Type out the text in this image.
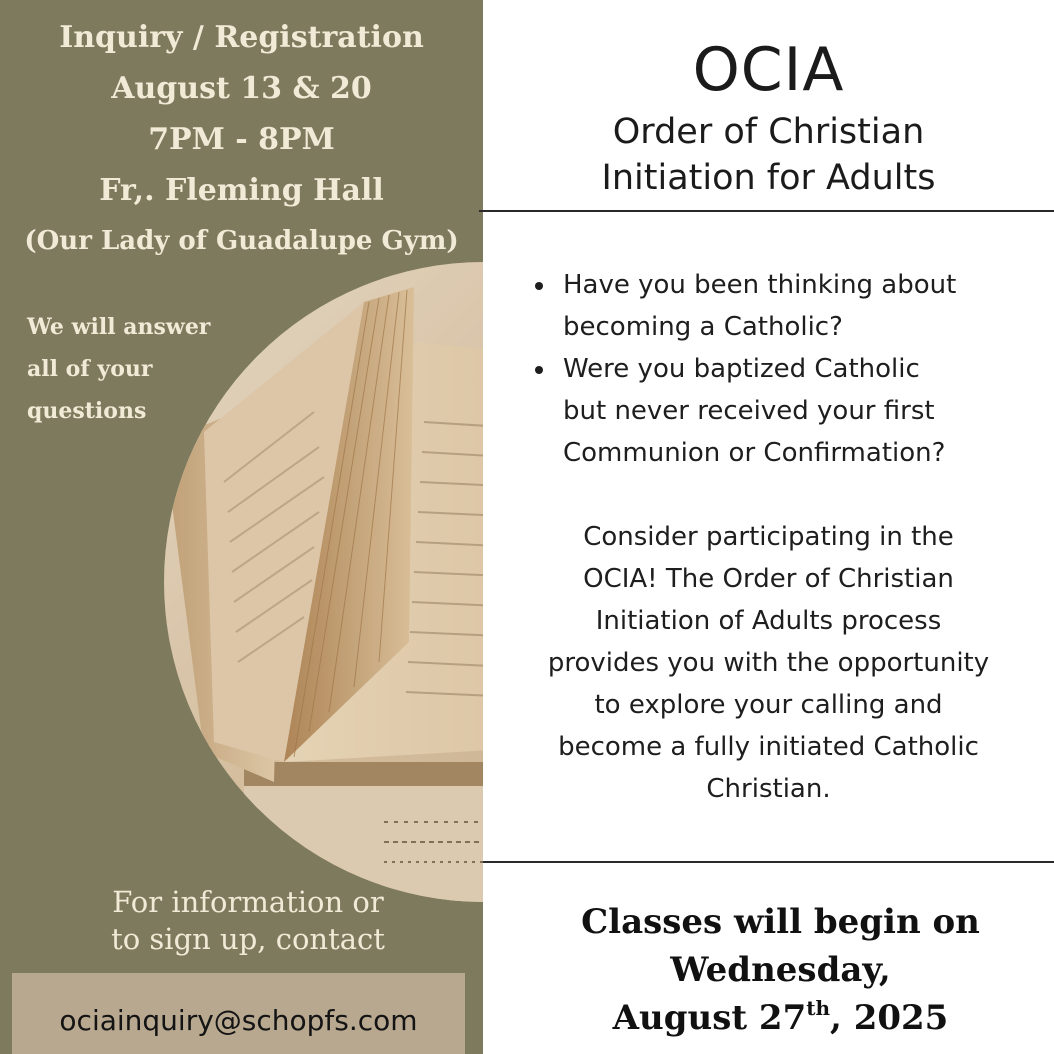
Inquiry / Registration
August 13 & 20
7PM - 8PM
Fr,. Fleming Hall
(Our Lady of Guadalupe Gym)
We will answer
all of your
questions
For information or
to sign up, contact
ociainquiry@schopfs.com
OCIA
Order of Christian
Initiation for Adults
Have you been thinking about
becoming a Catholic?
Were you baptized Catholic
but never received your first
Communion or Confirmation?
Consider participating in the
OCIA! The Order of Christian
Initiation of Adults process
provides you with the opportunity
to explore your calling and
become a fully initiated Catholic
Christian.
Classes will begin on
Wednesday,
August 27th, 2025
